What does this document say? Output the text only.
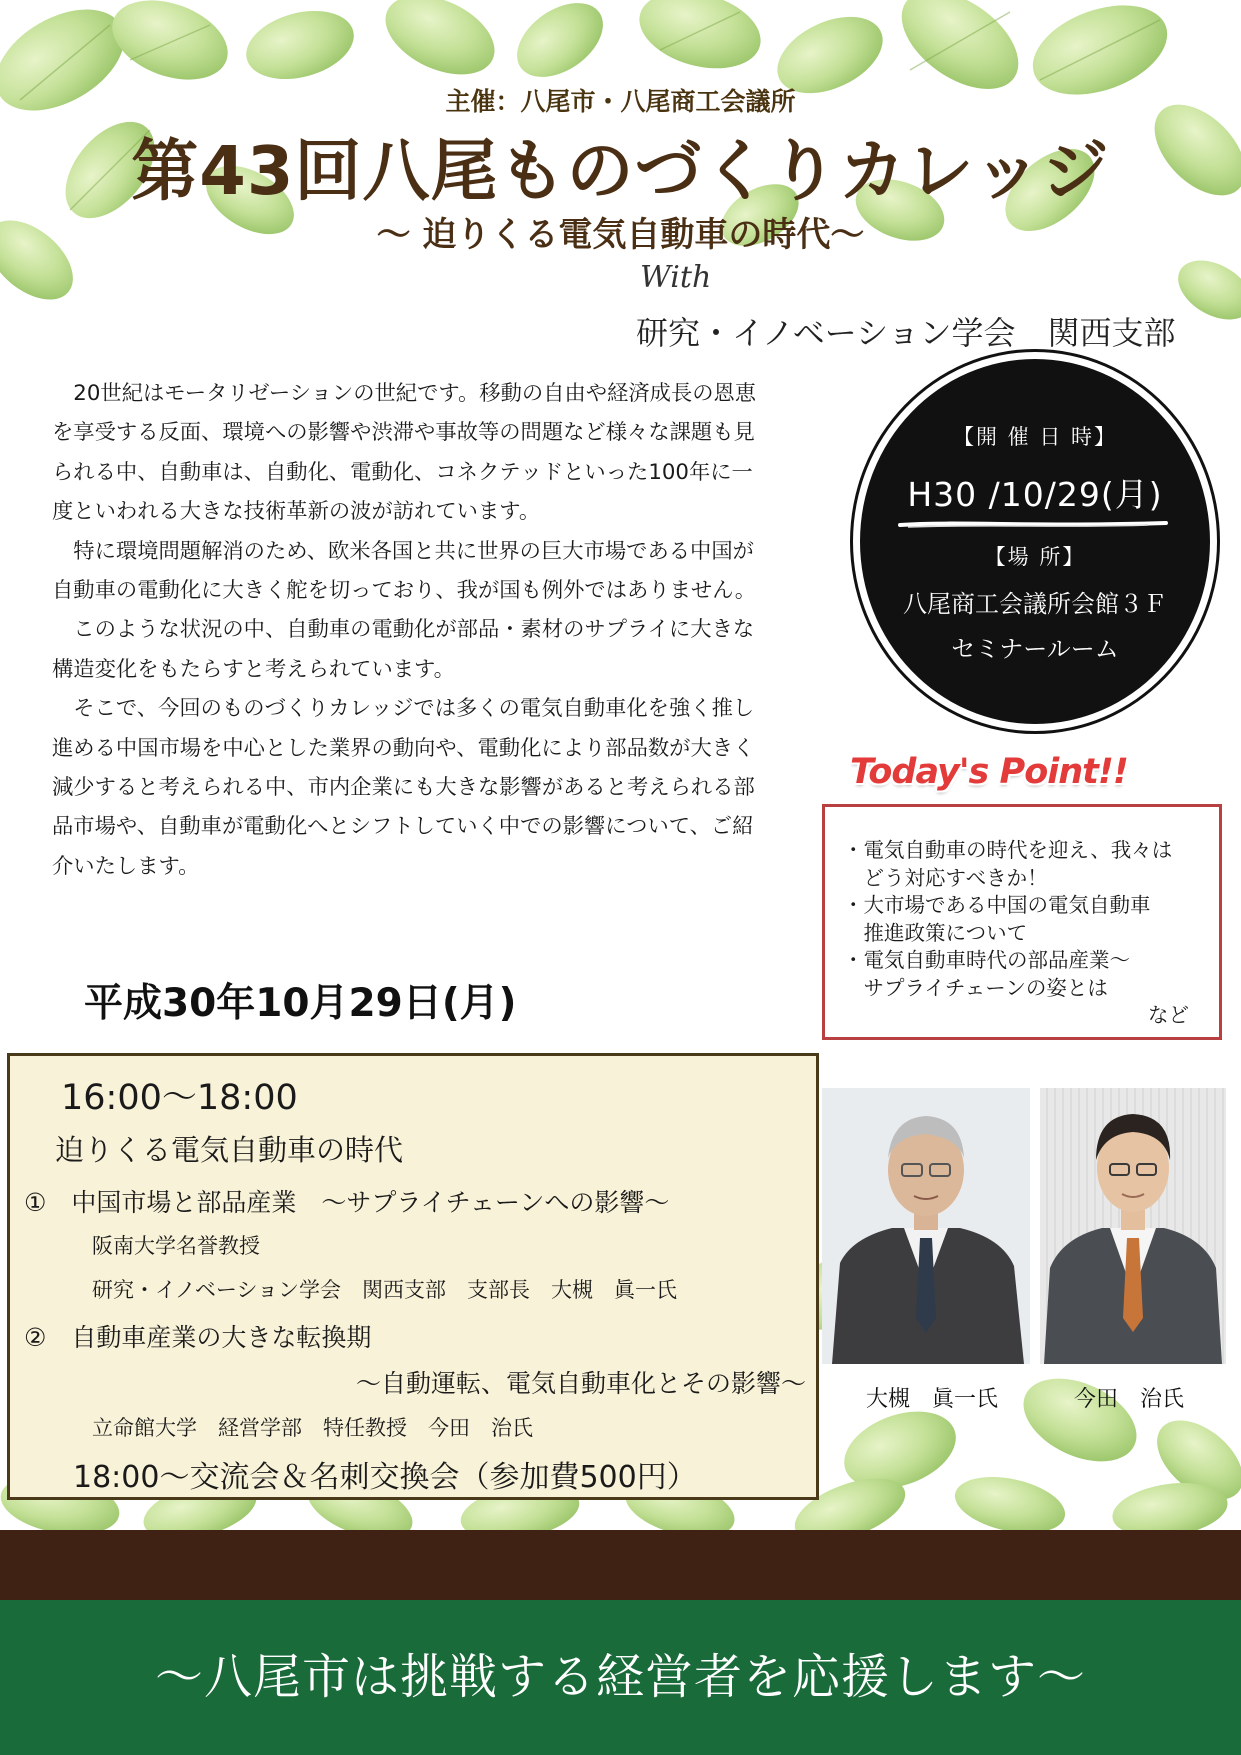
主催：八尾市・八尾商工会議所
第43回八尾ものづくりカレッジ
～ 迫りくる電気自動車の時代～
With
研究・イノベーション学会　関西支部

20世紀はモータリゼーションの世紀です。移動の自由や経済成長の恩恵
を享受する反面、環境への影響や渋滞や事故等の問題など様々な課題も見
られる中、自動車は、自動化、電動化、コネクテッドといった100年に一
度といわれる大きな技術革新の波が訪れています。

特に環境問題解消のため、欧米各国と共に世界の巨大市場である中国が
自動車の電動化に大きく舵を切っており、我が国も例外ではありません。

このような状況の中、自動車の電動化が部品・素材のサプライに大きな
構造変化をもたらすと考えられています。

そこで、今回のものづくりカレッジでは多くの電気自動車化を強く推し
進める中国市場を中心とした業界の動向や、電動化により部品数が大きく
減少すると考えられる中、市内企業にも大きな影響があると考えられる部
品市場や、自動車が電動化へとシフトしていく中での影響について、ご紹
介いたします。

【開 催 日 時】
H30 /10/29(月)
【場 所】
八尾商工会議所会館３Ｆ
セミナールーム
Today's Point!!
・電気自動車の時代を迎え、我々は
　どう対応すべきか！
・大市場である中国の電気自動車
　推進政策について
・電気自動車時代の部品産業～
　サプライチェーンの姿とは
など
平成30年10月29日(月)
16:00～18:00
迫りくる電気自動車の時代
①　中国市場と部品産業　～サプライチェーンへの影響～
阪南大学名誉教授
研究・イノベーション学会　関西支部　支部長　大槻　眞一氏
②　自動車産業の大きな転換期
～自動運転、電気自動車化とその影響～
立命館大学　経営学部　特任教授　今田　治氏
18:00～交流会＆名刺交換会（参加費500円）
大槻　眞一氏	今田　治氏
～八尾市は挑戦する経営者を応援します～
